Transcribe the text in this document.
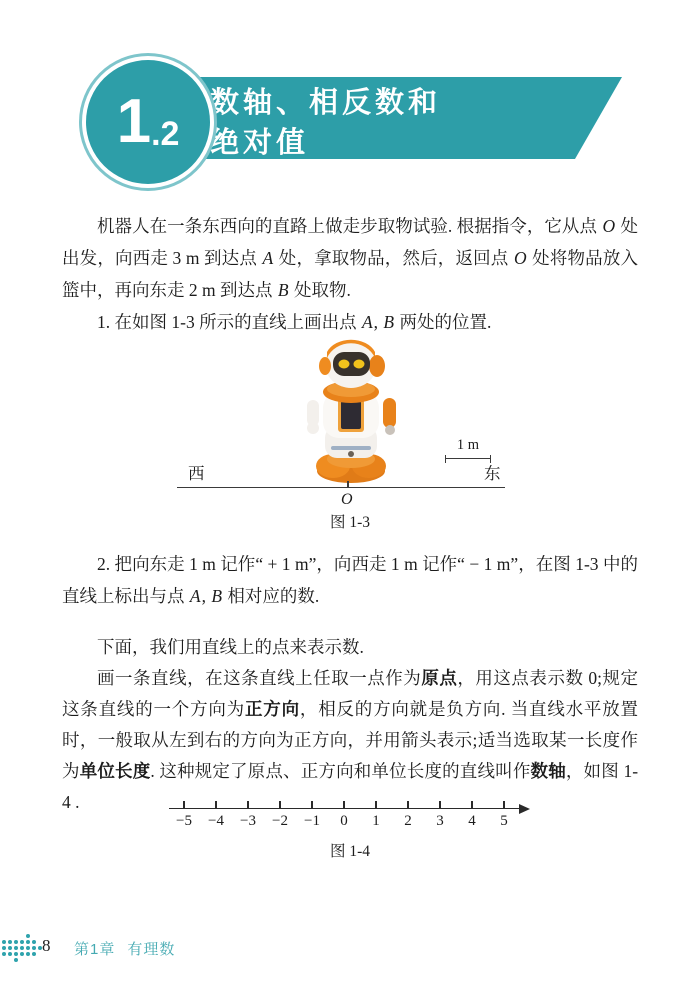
数轴、相反数和
绝对值
1 .2

机器人在一条东西向的直路上做走步取物试验. 根据指令，它从点 O 处出发，向西走 3 m 到达点 A 处，拿取物品，然后，返回点 O 处将物品放入篮中，再向东走 2 m 到达点 B 处取物.

1. 在如图 1-3 所示的直线上画出点 A, B 两处的位置.

1 m
西	东
O
图 1-3

2. 把向东走 1 m 记作“ + 1 m”，向西走 1 m 记作“ − 1 m”，在图 1-3 中的直线上标出与点 A, B 相对应的数.

下面，我们用直线上的点来表示数.

画一条直线，在这条直线上任取一点作为原点，用这点表示数 0;规定这条直线的一个方向为正方向，相反的方向就是负方向. 当直线水平放置时，一般取从左到右的方向为正方向，并用箭头表示;适当选取某一长度作为单位长度. 这种规定了原点、正方向和单位长度的直线叫作数轴，如图 1-4 .

−5 −4 −3 −2 −1 0 1 2 3 4 5
图 1-4
8 第1章 有理数
